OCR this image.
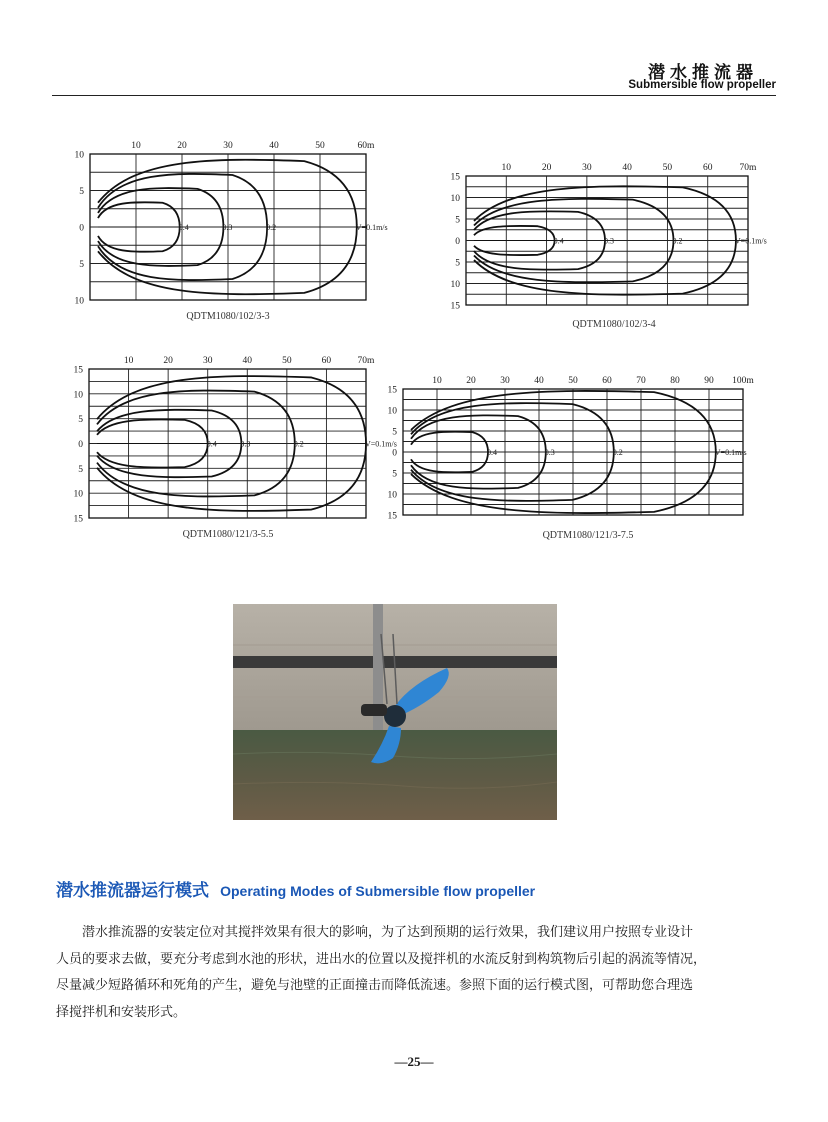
潜水推流器
Submersible flow propeller
10	20	30	40	50	60m
10
5
0
5
10
0.4	0.3	0.2	V=0.1m/s
QDTM1080/102/3-3
10	20	30	40	50	60	70m
15
10
5
0
5
10
15
0.4	0.3	0.2	V=0.1m/s
QDTM1080/102/3-4
10	20	30	40	50	60	70m
15
10
5
0
5
10
15
0.4	0.3	0.2	V=0.1m/s
QDTM1080/121/3-5.5
10	20	30	40	50	60	70	80	90 100m
15
10
5
0
5
10
15
0.4	0.3	0.2	V=0.1m/s
QDTM1080/121/3-7.5
潜水推流器运行模式 Operating Modes of Submersible flow propeller
潜水推流器的安装定位对其搅拌效果有很大的影响，为了达到预期的运行效果，我们建议用户按照专业设计
人员的要求去做，要充分考虑到水池的形状，进出水的位置以及搅拌机的水流反射到构筑物后引起的涡流等情况，
尽量减少短路循环和死角的产生，避免与池壁的正面撞击而降低流速。参照下面的运行模式图，可帮助您合理选
择搅拌机和安装形式。
—25—
